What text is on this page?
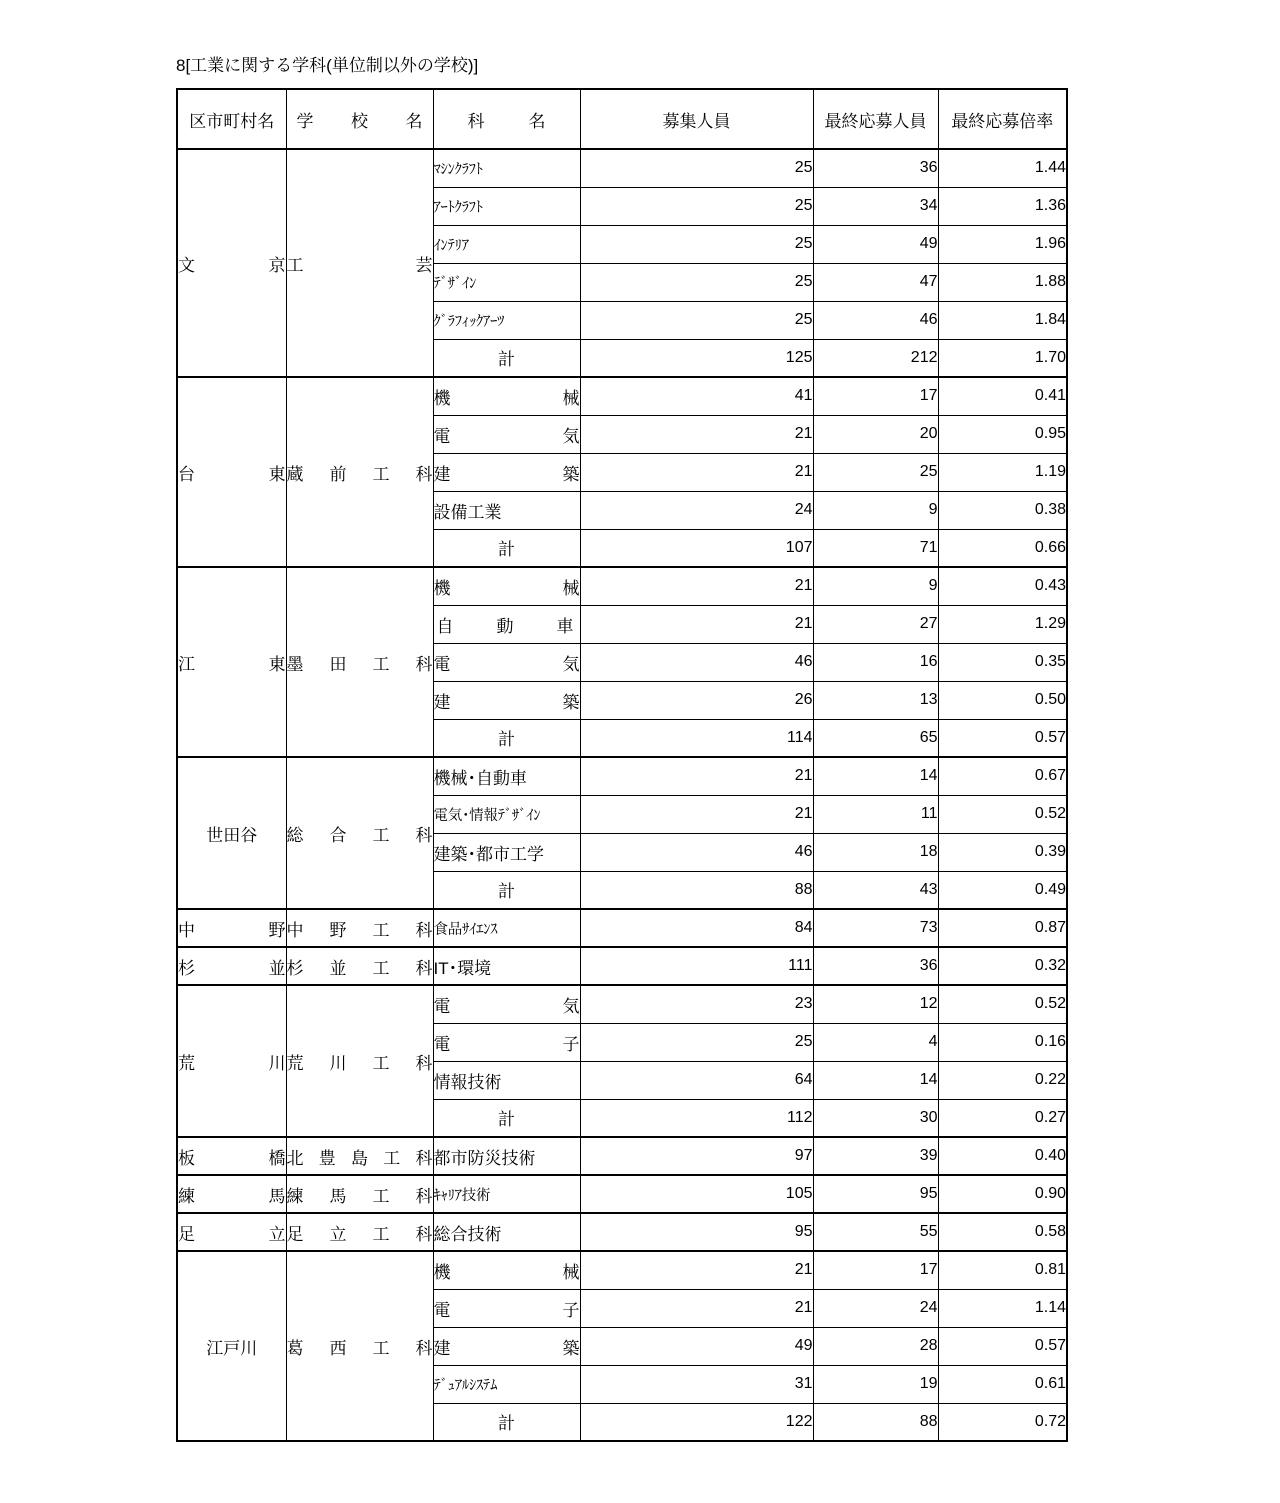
8[工業に関する学科(単位制以外の学校)]
区市町村名	学校名	科名	募集人員	最終応募人員	最終応募倍率

文京	工芸	ﾏｼﾝｸﾗﾌﾄ	25	36	1.44
		ｱｰﾄｸﾗﾌﾄ	25	34	1.36
		ｲﾝﾃﾘｱ	25	49	1.96
		ﾃﾞｻﾞｲﾝ	25	47	1.88
		ｸﾞﾗﾌｨｯｸｱｰﾂ	25	46	1.84
		計	125	212	1.70
台東	蔵前工科	機械	41	17	0.41
		電気	21	20	0.95
		建築	21	25	1.19
		設備工業	24	9	0.38
		計	107	71	0.66
江東	墨田工科	機械	21	9	0.43
		自動車	21	27	1.29
		電気	46	16	0.35
		建築	26	13	0.50
		計	114	65	0.57
世田谷	総合工科	機械･自動車	21	14	0.67
		電気･情報ﾃﾞｻﾞｲﾝ	21	11	0.52
		建築･都市工学	46	18	0.39
		計	88	43	0.49
中野	中野工科	食品ｻｲｴﾝｽ	84	73	0.87
杉並	杉並工科	IT･環境	111	36	0.32
荒川	荒川工科	電気	23	12	0.52
		電子	25	4	0.16
		情報技術	64	14	0.22
		計	112	30	0.27
板橋	北豊島工科	都市防災技術	97	39	0.40
練馬	練馬工科	ｷｬﾘｱ技術	105	95	0.90
足立	足立工科	総合技術	95	55	0.58
江戸川	葛西工科	機械	21	17	0.81
		電子	21	24	1.14
		建築	49	28	0.57
		ﾃﾞｭｱﾙｼｽﾃﾑ	31	19	0.61
		計	122	88	0.72
